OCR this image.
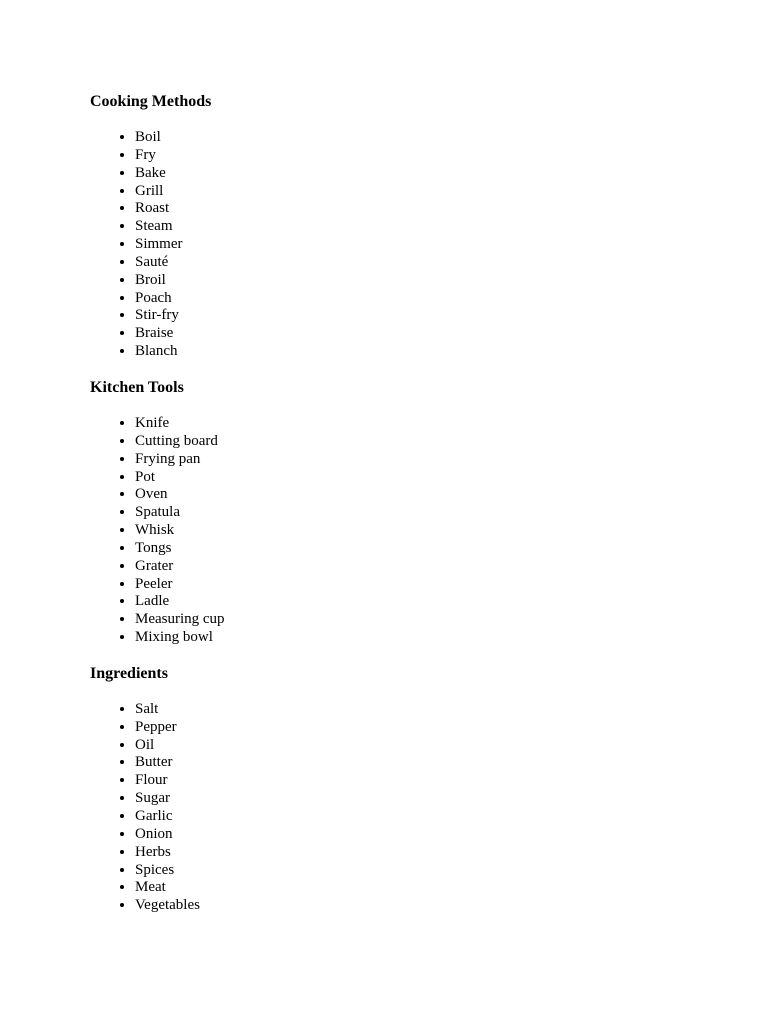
Cooking Methods
• Boil
• Fry
• Bake
• Grill
• Roast
• Steam
• Simmer
• Sauté
• Broil
• Poach
• Stir-fry
• Braise
• Blanch
Kitchen Tools
• Knife
• Cutting board
• Frying pan
• Pot
• Oven
• Spatula
• Whisk
• Tongs
• Grater
• Peeler
• Ladle
• Measuring cup
• Mixing bowl
Ingredients
• Salt
• Pepper
• Oil
• Butter
• Flour
• Sugar
• Garlic
• Onion
• Herbs
• Spices
• Meat
• Vegetables
